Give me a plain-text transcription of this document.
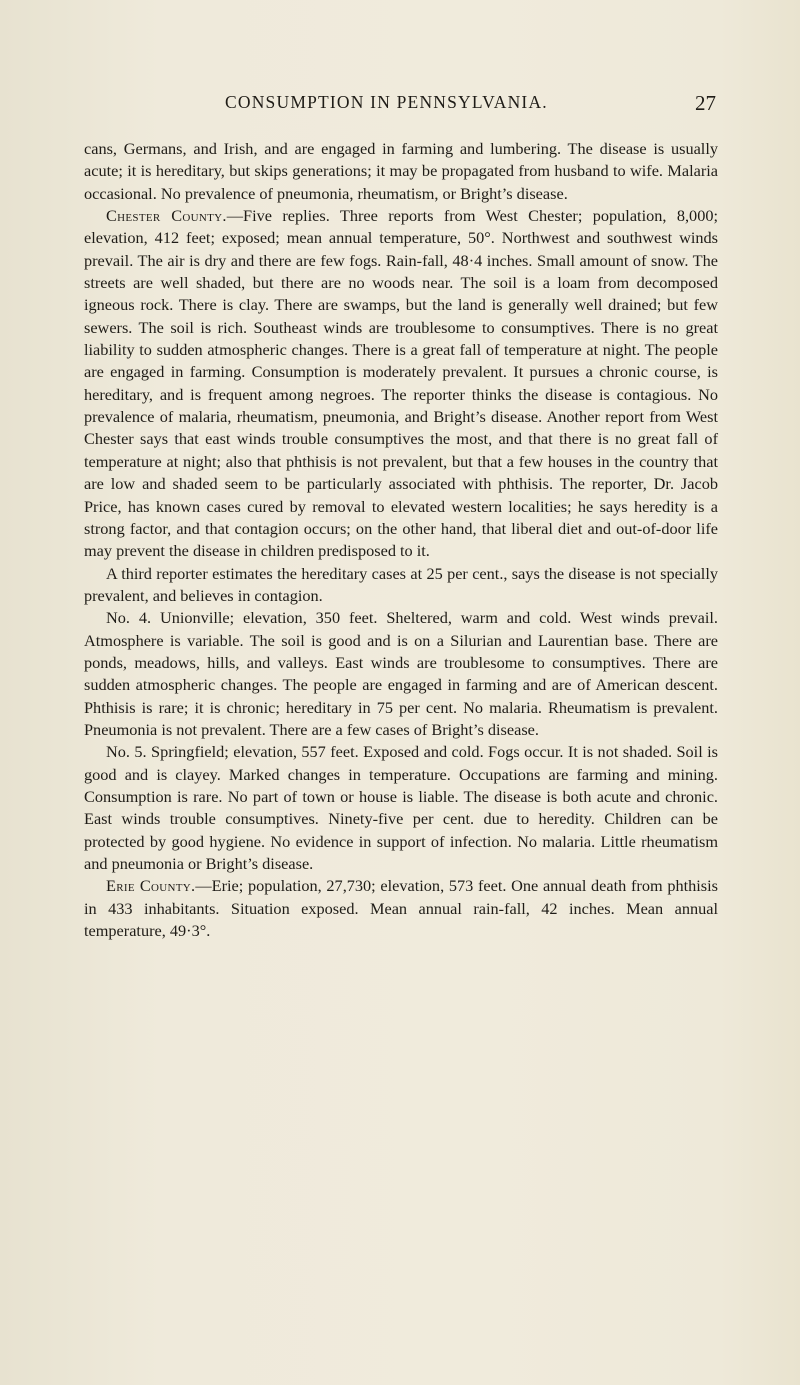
CONSUMPTION IN PENNSYLVANIA.	27

cans, Germans, and Irish, and are engaged in farming and lumbering. The disease is usually acute; it is hereditary, but skips generations; it may be propagated from husband to wife. Malaria occasional. No prevalence of pneumonia, rheumatism, or Bright’s disease.

Chester County.—Five replies. Three reports from West Chester; population, 8,000; elevation, 412 feet; exposed; mean annual temperature, 50°. Northwest and southwest winds prevail. The air is dry and there are few fogs. Rain-fall, 48·4 inches. Small amount of snow. The streets are well shaded, but there are no woods near. The soil is a loam from decomposed igneous rock. There is clay. There are swamps, but the land is generally well drained; but few sewers. The soil is rich. Southeast winds are troublesome to consumptives. There is no great liability to sudden atmospheric changes. There is a great fall of temperature at night. The people are engaged in farming. Consumption is moderately prevalent. It pursues a chronic course, is hereditary, and is frequent among negroes. The reporter thinks the disease is contagious. No prevalence of malaria, rheumatism, pneumonia, and Bright’s disease. Another report from West Chester says that east winds trouble consumptives the most, and that there is no great fall of temperature at night; also that phthisis is not prevalent, but that a few houses in the country that are low and shaded seem to be particularly associated with phthisis. The reporter, Dr. Jacob Price, has known cases cured by removal to elevated western localities; he says heredity is a strong factor, and that contagion occurs; on the other hand, that liberal diet and out-of-door life may prevent the disease in children predisposed to it.

A third reporter estimates the hereditary cases at 25 per cent., says the disease is not specially prevalent, and believes in contagion.

No. 4. Unionville; elevation, 350 feet. Sheltered, warm and cold. West winds prevail. Atmosphere is variable. The soil is good and is on a Silurian and Laurentian base. There are ponds, meadows, hills, and valleys. East winds are troublesome to consumptives. There are sudden atmospheric changes. The people are engaged in farming and are of American descent. Phthisis is rare; it is chronic; hereditary in 75 per cent. No malaria. Rheumatism is prevalent. Pneumonia is not prevalent. There are a few cases of Bright’s disease.

No. 5. Springfield; elevation, 557 feet. Exposed and cold. Fogs occur. It is not shaded. Soil is good and is clayey. Marked changes in temperature. Occupations are farming and mining. Consumption is rare. No part of town or house is liable. The disease is both acute and chronic. East winds trouble consumptives. Ninety-five per cent. due to heredity. Children can be protected by good hygiene. No evidence in support of infection. No malaria. Little rheumatism and pneumonia or Bright’s disease.

Erie County.—Erie; population, 27,730; elevation, 573 feet. One annual death from phthisis in 433 inhabitants. Situation exposed. Mean annual rain-fall, 42 inches. Mean annual temperature, 49·3°.
